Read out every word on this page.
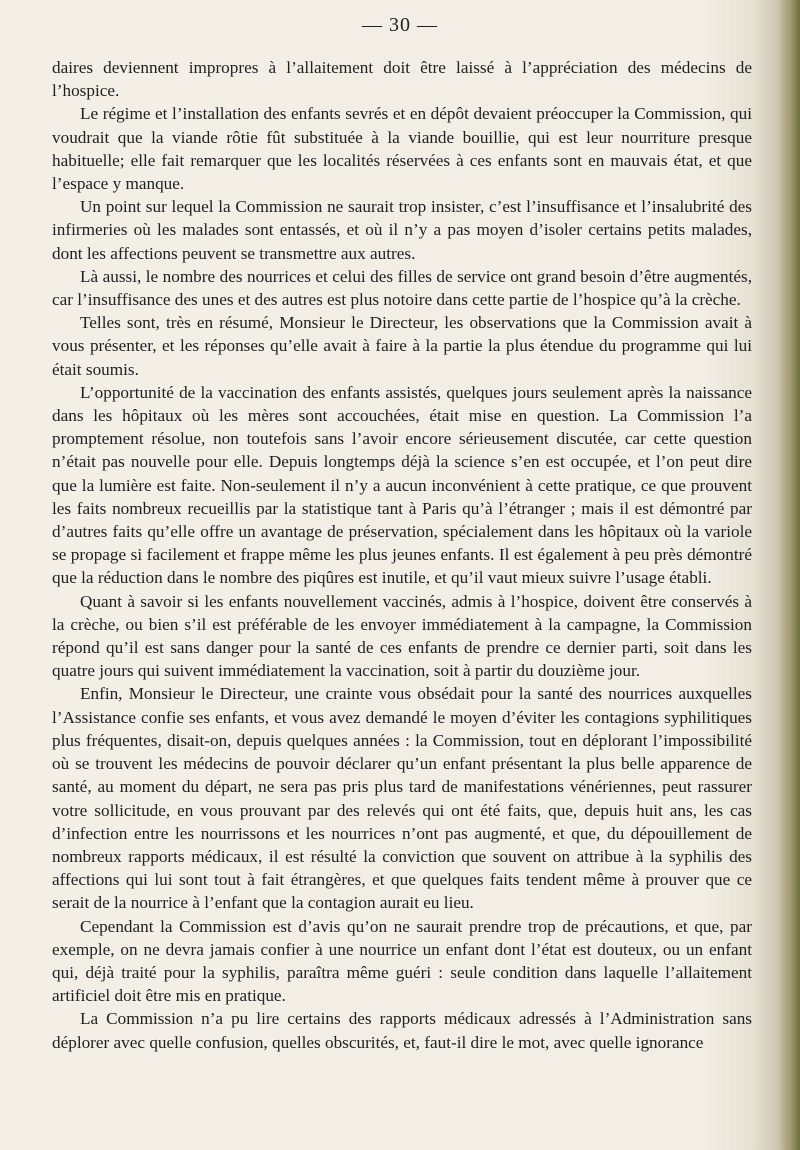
— 30 —

daires deviennent impropres à l’allaitement doit être laissé à l’appréciation des médecins de l’hospice.

Le régime et l’installation des enfants sevrés et en dépôt devaient préoccuper la Commission, qui voudrait que la viande rôtie fût substituée à la viande bouillie, qui est leur nourriture presque habituelle; elle fait remarquer que les localités réservées à ces enfants sont en mauvais état, et que l’espace y manque.

Un point sur lequel la Commission ne saurait trop insister, c’est l’insuffisance et l’insalubrité des infirmeries où les malades sont entassés, et où il n’y a pas moyen d’isoler certains petits malades, dont les affections peuvent se transmettre aux autres.

Là aussi, le nombre des nourrices et celui des filles de service ont grand besoin d’être augmentés, car l’insuffisance des unes et des autres est plus notoire dans cette partie de l’hospice qu’à la crèche.

Telles sont, très en résumé, Monsieur le Directeur, les observations que la Commission avait à vous présenter, et les réponses qu’elle avait à faire à la partie la plus étendue du programme qui lui était soumis.

L’opportunité de la vaccination des enfants assistés, quelques jours seulement après la naissance dans les hôpitaux où les mères sont accouchées, était mise en question. La Commission l’a promptement résolue, non toutefois sans l’avoir encore sérieusement discutée, car cette question n’était pas nouvelle pour elle. Depuis longtemps déjà la science s’en est occupée, et l’on peut dire que la lumière est faite. Non-seulement il n’y a aucun inconvénient à cette pratique, ce que prouvent les faits nombreux recueillis par la statistique tant à Paris qu’à l’étranger ; mais il est démontré par d’autres faits qu’elle offre un avantage de préservation, spécialement dans les hôpitaux où la variole se propage si facilement et frappe même les plus jeunes enfants. Il est également à peu près démontré que la réduction dans le nombre des piqûres est inutile, et qu’il vaut mieux suivre l’usage établi.

Quant à savoir si les enfants nouvellement vaccinés, admis à l’hospice, doivent être conservés à la crèche, ou bien s’il est préférable de les envoyer immédiatement à la campagne, la Commission répond qu’il est sans danger pour la santé de ces enfants de prendre ce dernier parti, soit dans les quatre jours qui suivent immédiatement la vaccination, soit à partir du douzième jour.

Enfin, Monsieur le Directeur, une crainte vous obsédait pour la santé des nourrices auxquelles l’Assistance confie ses enfants, et vous avez demandé le moyen d’éviter les contagions syphilitiques plus fréquentes, disait-on, depuis quelques années : la Commission, tout en déplorant l’impossibilité où se trouvent les médecins de pouvoir déclarer qu’un enfant présentant la plus belle apparence de santé, au moment du départ, ne sera pas pris plus tard de manifestations vénériennes, peut rassurer votre sollicitude, en vous prouvant par des relevés qui ont été faits, que, depuis huit ans, les cas d’infection entre les nourrissons et les nourrices n’ont pas augmenté, et que, du dépouillement de nombreux rapports médicaux, il est résulté la conviction que souvent on attribue à la syphilis des affections qui lui sont tout à fait étrangères, et que quelques faits tendent même à prouver que ce serait de la nourrice à l’enfant que la contagion aurait eu lieu.

Cependant la Commission est d’avis qu’on ne saurait prendre trop de précautions, et que, par exemple, on ne devra jamais confier à une nourrice un enfant dont l’état est douteux, ou un enfant qui, déjà traité pour la syphilis, paraîtra même guéri : seule condition dans laquelle l’allaitement artificiel doit être mis en pratique.

La Commission n’a pu lire certains des rapports médicaux adressés à l’Administration sans déplorer avec quelle confusion, quelles obscurités, et, faut-il dire le mot, avec quelle ignorance
